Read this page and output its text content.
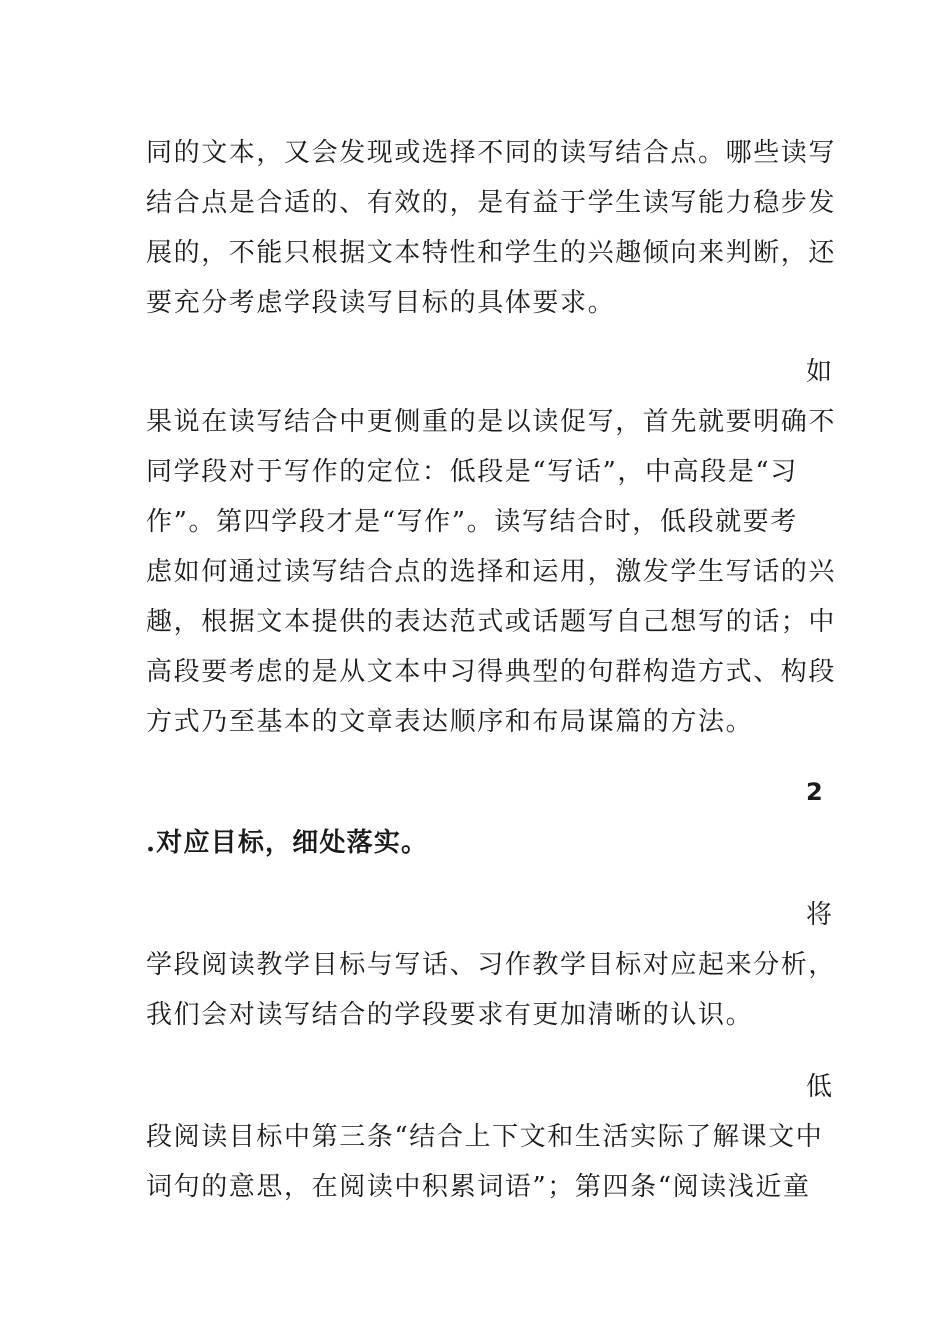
同的文本，又会发现或选择不同的读写结合点。哪些读写
结合点是合适的、有效的，是有益于学生读写能力稳步发
展的，不能只根据文本特性和学生的兴趣倾向来判断，还
要充分考虑学段读写目标的具体要求。
如
果说在读写结合中更侧重的是以读促写，首先就要明确不
同学段对于写作的定位：低段是“写话”，中高段是“习
作”。第四学段才是“写作”。读写结合时，低段就要考
虑如何通过读写结合点的选择和运用，激发学生写话的兴
趣，根据文本提供的表达范式或话题写自己想写的话；中
高段要考虑的是从文本中习得典型的句群构造方式、构段
方式乃至基本的文章表达顺序和布局谋篇的方法。
2
.对应目标，细处落实。
将
学段阅读教学目标与写话、习作教学目标对应起来分析，
我们会对读写结合的学段要求有更加清晰的认识。
低
段阅读目标中第三条“结合上下文和生活实际了解课文中
词句的意思，在阅读中积累词语”；第四条“阅读浅近童
